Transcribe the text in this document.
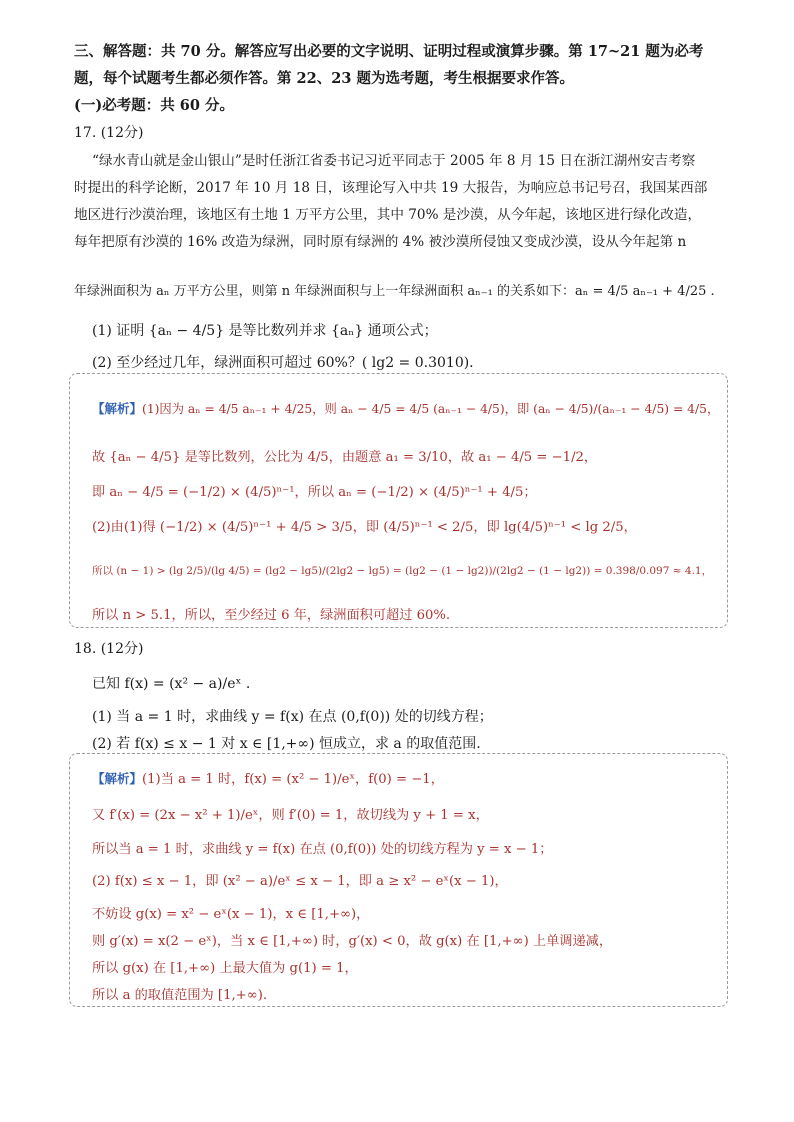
三、解答题：共 70 分。解答应写出必要的文字说明、证明过程或演算步骤。第 17~21 题为必考
题，每个试题考生都必须作答。第 22、23 题为选考题，考生根据要求作答。
(一)必考题：共 60 分。
17. (12分)
“绿水青山就是金山银山”是时任浙江省委书记习近平同志于 2005 年 8 月 15 日在浙江湖州安吉考察
时提出的科学论断，2017 年 10 月 18 日，该理论写入中共 19 大报告，为响应总书记号召，我国某西部
地区进行沙漠治理，该地区有土地 1 万平方公里，其中 70% 是沙漠，从今年起，该地区进行绿化改造，
每年把原有沙漠的 16% 改造为绿洲，同时原有绿洲的 4% 被沙漠所侵蚀又变成沙漠，设从今年起第 n
年绿洲面积为 aₙ 万平方公里，则第 n 年绿洲面积与上一年绿洲面积 aₙ₋₁ 的关系如下：aₙ = 4/5 aₙ₋₁ + 4/25 .
(1) 证明 {aₙ − 4/5} 是等比数列并求 {aₙ} 通项公式；
(2) 至少经过几年，绿洲面积可超过 60%？( lg2 = 0.3010).
【解析】(1)因为 aₙ = 4/5 aₙ₋₁ + 4/25，则 aₙ − 4/5 = 4/5 (aₙ₋₁ − 4/5)，即 (aₙ − 4/5)/(aₙ₋₁ − 4/5) = 4/5，
故 {aₙ − 4/5} 是等比数列，公比为 4/5，由题意 a₁ = 3/10，故 a₁ − 4/5 = −1/2，
即 aₙ − 4/5 = (−1/2) × (4/5)ⁿ⁻¹，所以 aₙ = (−1/2) × (4/5)ⁿ⁻¹ + 4/5；
(2)由(1)得 (−1/2) × (4/5)ⁿ⁻¹ + 4/5 > 3/5，即 (4/5)ⁿ⁻¹ < 2/5，即 lg(4/5)ⁿ⁻¹ < lg 2/5，
所以 (n − 1) > (lg 2/5)/(lg 4/5) = (lg2 − lg5)/(2lg2 − lg5) = (lg2 − (1 − lg2))/(2lg2 − (1 − lg2)) = 0.398/0.097 ≈ 4.1，
所以 n > 5.1，所以，至少经过 6 年，绿洲面积可超过 60%.
18. (12分)
已知 f(x) = (x² − a)/eˣ .
(1) 当 a = 1 时，求曲线 y = f(x) 在点 (0,f(0)) 处的切线方程；
(2) 若 f(x) ≤ x − 1 对 x ∈ [1,+∞) 恒成立，求 a 的取值范围.
【解析】(1)当 a = 1 时，f(x) = (x² − 1)/eˣ，f(0) = −1，
又 f′(x) = (2x − x² + 1)/eˣ，则 f′(0) = 1，故切线为 y + 1 = x，
所以当 a = 1 时，求曲线 y = f(x) 在点 (0,f(0)) 处的切线方程为 y = x − 1；
(2) f(x) ≤ x − 1，即 (x² − a)/eˣ ≤ x − 1，即 a ≥ x² − eˣ(x − 1)，
不妨设 g(x) = x² − eˣ(x − 1)，x ∈ [1,+∞)，
则 g′(x) = x(2 − eˣ)，当 x ∈ [1,+∞) 时，g′(x) < 0，故 g(x) 在 [1,+∞) 上单调递减，
所以 g(x) 在 [1,+∞) 上最大值为 g(1) = 1，
所以 a 的取值范围为 [1,+∞).
